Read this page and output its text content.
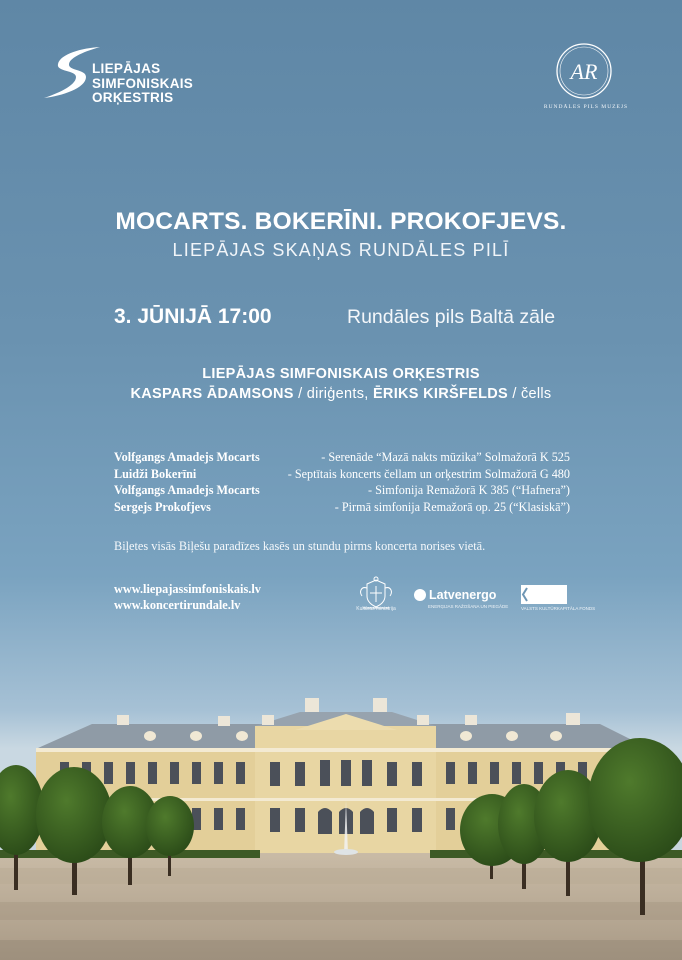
LIEPĀJAS
SIMFONISKAIS
ORĶESTRIS
AR
RUNDĀLES PILS MUZEJS
MOCARTS. BOKERĪNI. PROKOFJEVS.
LIEPĀJAS SKAŅAS RUNDĀLES PILĪ
3. JŪNIJĀ 17:00	Rundāles pils Baltā zāle
LIEPĀJAS SIMFONISKAIS ORĶESTRIS
KASPARS ĀDAMSONS / diriģents, ĒRIKS KIRŠFELDS / čells
Volfgangs Amadejs Mocarts	- Serenāde “Mazā nakts mūzika” Solmažorā K 525
Luidži Bokerīni	- Septītais koncerts čellam un orķestrim Solmažorā G 480
Volfgangs Amadejs Mocarts	- Simfonija Remažorā K 385 (“Hafnera”)
Sergejs Prokofjevs	- Pirmā simfonija Remažorā op. 25 (“Klasiskā”)
Biļetes visās Biļešu paradīzes kasēs un stundu pirms koncerta norises vietā.
www.liepajassimfoniskais.lv
www.koncertirundale.lv	Kultūras ministrija
Latvenergo
ENERĢIJAS RAŽOŠANA UN PIEGĀDE	VALSTS KULTŪRKAPITĀLA FONDS
